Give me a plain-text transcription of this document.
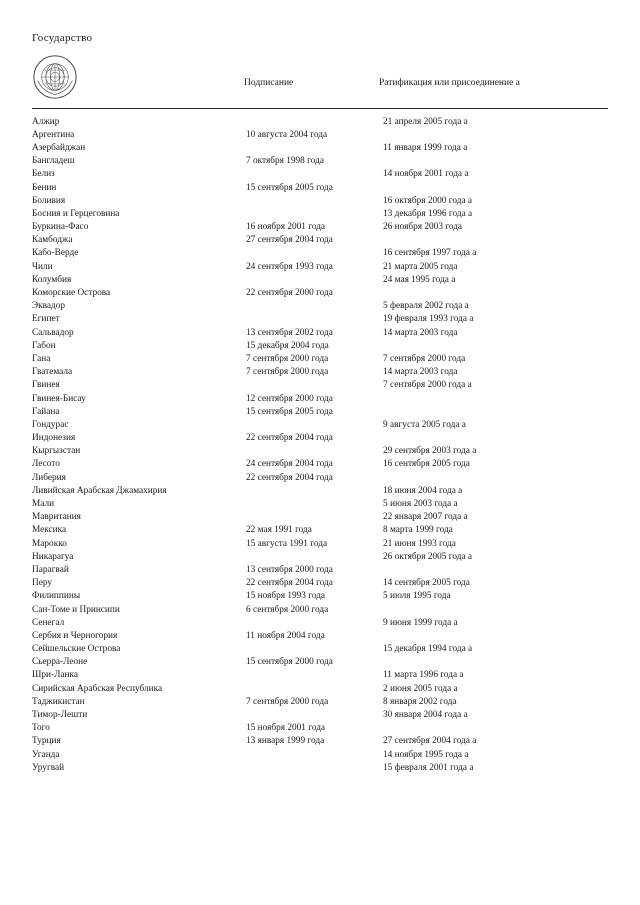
Государство
Подписание	Ратификация или присоединение a
Алжир		21 апреля 2005 года a
Аргентина	10 августа 2004 года	
Азербайджан		11 января 1999 года a
Бангладеш	7 октября 1998 года	
Белиз		14 ноября 2001 года a
Бенин	15 сентября 2005 года	
Боливия		16 октября 2000 года a
Босния и Герцеговина		13 декабря 1996 года a
Буркина-Фасо	16 ноября 2001 года	26 ноября 2003 года
Камбоджа	27 сентября 2004 года	
Кабо-Верде		16 сентября 1997 года a
Чили	24 сентября 1993 года	21 марта 2005 года
Колумбия		24 мая 1995 года a
Коморские Острова	22 сентября 2000 года	
Эквадор		5 февраля 2002 года a
Египет		19 февраля 1993 года a
Сальвадор	13 сентября 2002 года	14 марта 2003 года
Габон	15 декабря 2004 года	
Гана	7 сентября 2000 года	7 сентября 2000 года
Гватемала	7 сентября 2000 года	14 марта 2003 года
Гвинея		7 сентября 2000 года a
Гвинея-Бисау	12 сентября 2000 года	
Гайана	15 сентября 2005 года	
Гондурас		9 августа 2005 года a
Индонезия	22 сентября 2004 года	
Кыргызстан		29 сентября 2003 года a
Лесото	24 сентября 2004 года	16 сентября 2005 года
Либерия	22 сентября 2004 года	
Ливийская Арабская Джамахирия		18 июня 2004 года a
Мали		5 июня 2003 года a
Мавритания		22 января 2007 года a
Мексика	22 мая 1991 года	8 марта 1999 года
Марокко	15 августа 1991 года	21 июня 1993 года
Никарагуа		26 октября 2005 года a
Парагвай	13 сентября 2000 года	
Перу	22 сентября 2004 года	14 сентября 2005 года
Филиппины	15 ноября 1993 года	5 июля 1995 года
Сан-Томе и Принсипи	6 сентября 2000 года	
Сенегал		9 июня 1999 года a
Сербия и Черногория	11 ноября 2004 года	
Сейшельские Острова		15 декабря 1994 года a
Сьерра-Леоне	15 сентября 2000 года	
Шри-Ланка		11 марта 1996 года a
Сирийская Арабская Республика		2 июня 2005 года a
Таджикистан	7 сентября 2000 года	8 января 2002 года
Тимор-Лешти		30 января 2004 года a
Того	15 ноября 2001 года	
Турция	13 января 1999 года	27 сентября 2004 года a
Уганда		14 ноября 1995 года a
Уругвай		15 февраля 2001 года a
